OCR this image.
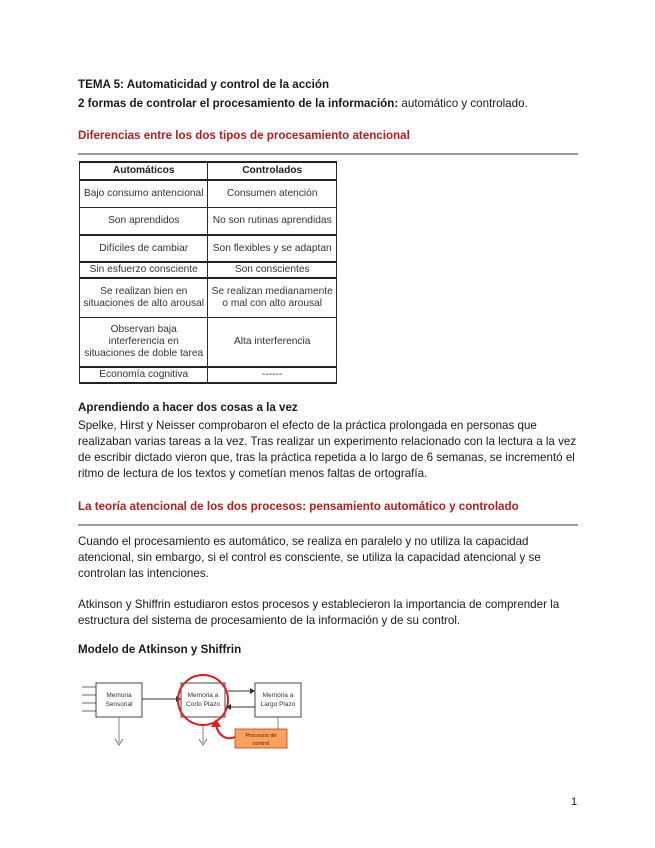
TEMA 5: Automaticidad y control de la acción
2 formas de controlar el procesamiento de la información: automático y controlado.
Diferencias entre los dos tipos de procesamiento atencional
Automáticos	Controlados
Bajo consumo antencional	Consumen atención
Son aprendidos	No son rutinas aprendidas
Difíciles de cambiar	Son flexibles y se adaptan
Sin esfuerzo consciente	Son conscientes
Se realizan bien en situaciones de alto arousal	Se realizan medianamente o mal con alto arousal
Observan baja interferencia en situaciones de doble tarea	Alta interferencia
Economía cognitiva	------
Aprendiendo a hacer dos cosas a la vez
Spelke, Hirst y Neisser comprobaron el efecto de la práctica prolongada en personas que
realizaban varias tareas a la vez. Tras realizar un experimento relacionado con la lectura a la vez
de escribir dictado vieron que, tras la práctica repetida a lo largo de 6 semanas, se incrementó el
ritmo de lectura de los textos y cometían menos faltas de ortografía.
La teoría atencional de los dos procesos: pensamiento automático y controlado
Cuando el procesamiento es automático, se realiza en paralelo y no utiliza la capacidad
atencional, sin embargo, si el control es consciente, se utiliza la capacidad atencional y se
controlan las intenciones.
Atkinson y Shiffrin estudiaron estos procesos y establecieron la importancia de comprender la
estructura del sistema de procesamiento de la información y de su control.
Modelo de Atkinson y Shiffrin
Memoria
Sensorial
Memoria a
Corto Plazo
Memoria a
Largo Plazo
Procesos de
control
1
